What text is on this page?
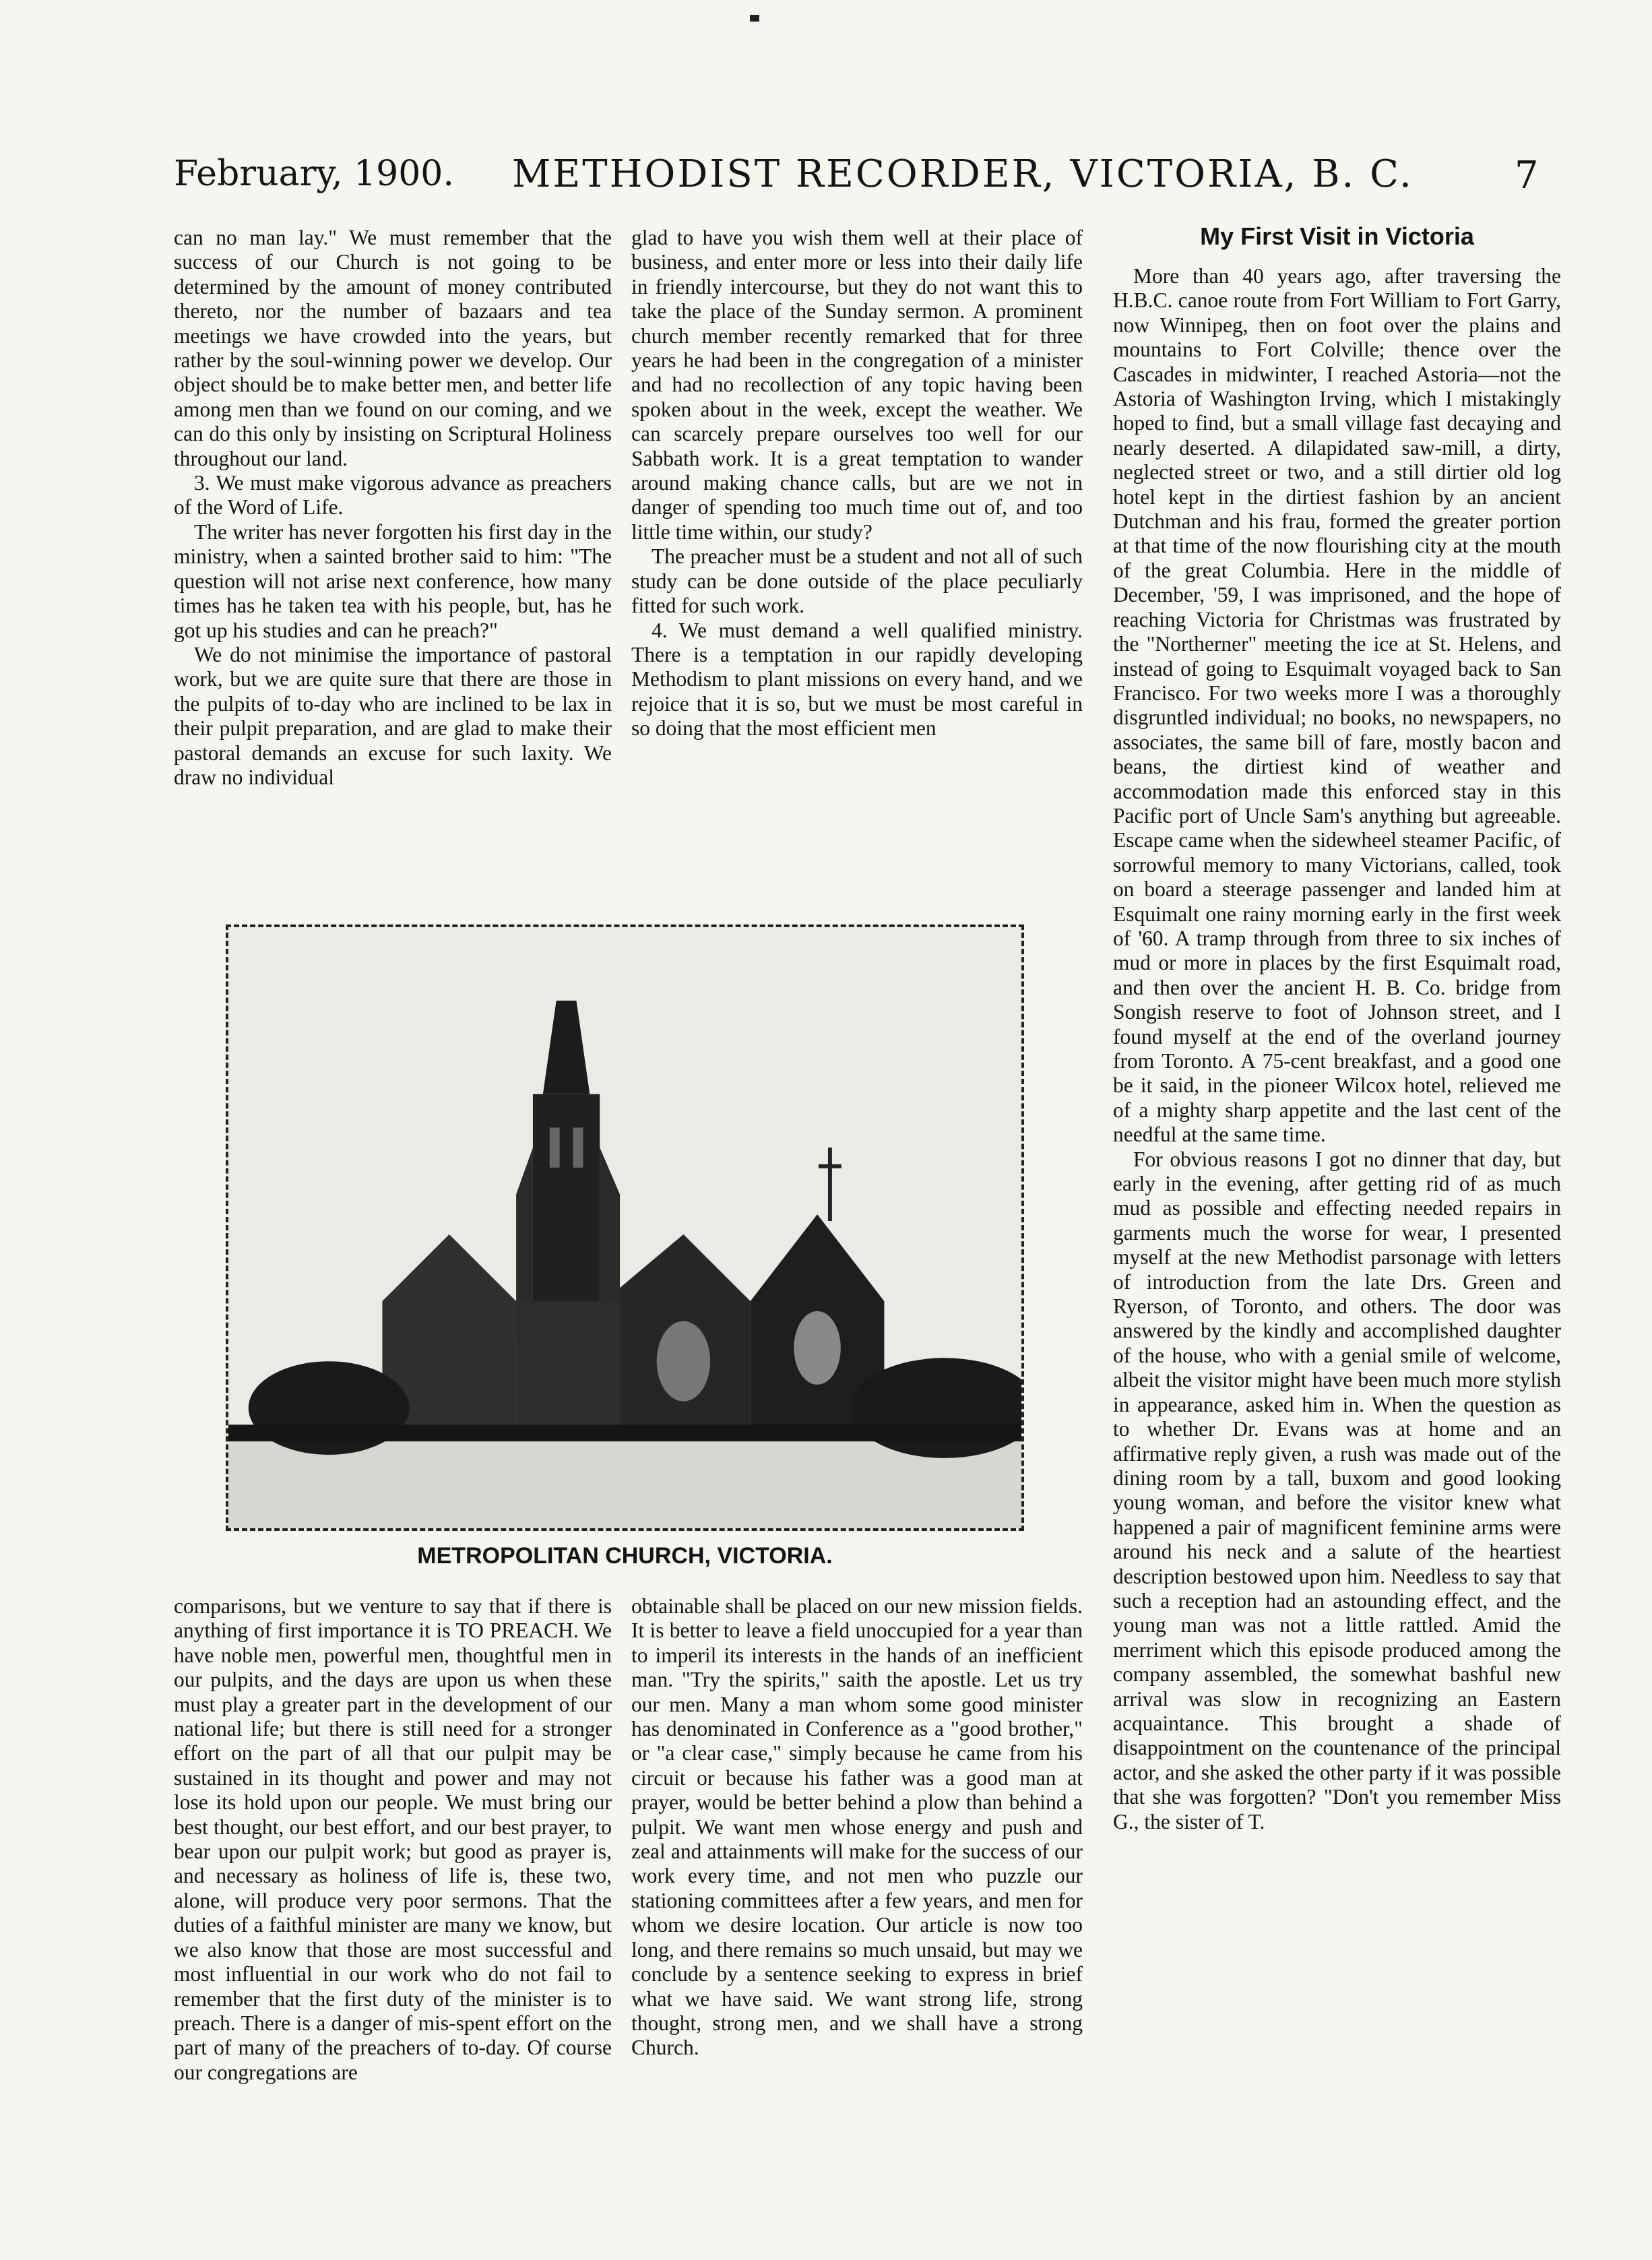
February, 1900. METHODIST RECORDER, VICTORIA, B. C.	7

can no man lay." We must remember that the success of our Church is not going to be determined by the amount of money contributed thereto, nor the number of bazaars and tea meetings we have crowded into the years, but rather by the soul-winning power we develop. Our object should be to make better men, and better life among men than we found on our coming, and we can do this only by insisting on Scriptural Holiness throughout our land.

3. We must make vigorous advance as preachers of the Word of Life.

The writer has never forgotten his first day in the ministry, when a sainted brother said to him: "The question will not arise next conference, how many times has he taken tea with his people, but, has he got up his studies and can he preach?"

We do not minimise the importance of pastoral work, but we are quite sure that there are those in the pulpits of to-day who are inclined to be lax in their pulpit preparation, and are glad to make their pastoral demands an excuse for such laxity. We draw no individual

glad to have you wish them well at their place of business, and enter more or less into their daily life in friendly intercourse, but they do not want this to take the place of the Sunday sermon. A prominent church member recently remarked that for three years he had been in the congregation of a minister and had no recollection of any topic having been spoken about in the week, except the weather. We can scarcely prepare ourselves too well for our Sabbath work. It is a great temptation to wander around making chance calls, but are we not in danger of spending too much time out of, and too little time within, our study?

The preacher must be a student and not all of such study can be done outside of the place peculiarly fitted for such work.

4. We must demand a well qualified ministry. There is a temptation in our rapidly developing Methodism to plant missions on every hand, and we rejoice that it is so, but we must be most careful in so doing that the most efficient men

My First Visit in Victoria

More than 40 years ago, after traversing the H.B.C. canoe route from Fort William to Fort Garry, now Winnipeg, then on foot over the plains and mountains to Fort Colville; thence over the Cascades in midwinter, I reached Astoria—not the Astoria of Washington Irving, which I mistakingly hoped to find, but a small village fast decaying and nearly deserted. A dilapidated saw-mill, a dirty, neglected street or two, and a still dirtier old log hotel kept in the dirtiest fashion by an ancient Dutchman and his frau, formed the greater portion at that time of the now flourishing city at the mouth of the great Columbia. Here in the middle of December, '59, I was imprisoned, and the hope of reaching Victoria for Christmas was frustrated by the "Northerner" meeting the ice at St. Helens, and instead of going to Esquimalt voyaged back to San Francisco. For two weeks more I was a thoroughly disgruntled individual; no books, no newspapers, no associates, the same bill of fare, mostly bacon and beans, the dirtiest kind of weather and accommodation made this enforced stay in this Pacific port of Uncle Sam's anything but agreeable. Escape came when the sidewheel steamer Pacific, of sorrowful memory to many Victorians, called, took on board a steerage passenger and landed him at Esquimalt one rainy morning early in the first week of '60. A tramp through from three to six inches of mud or more in places by the first Esquimalt road, and then over the ancient H. B. Co. bridge from Songish reserve to foot of Johnson street, and I found myself at the end of the overland journey from Toronto. A 75-cent breakfast, and a good one be it said, in the pioneer Wilcox hotel, relieved me of a mighty sharp appetite and the last cent of the needful at the same time.

For obvious reasons I got no dinner that day, but early in the evening, after getting rid of as much mud as possible and effecting needed repairs in garments much the worse for wear, I presented myself at the new Methodist parsonage with letters of introduction from the late Drs. Green and Ryerson, of Toronto, and others. The door was answered by the kindly and accomplished daughter of the house, who with a genial smile of welcome, albeit the visitor might have been much more stylish in appearance, asked him in. When the question as to whether Dr. Evans was at home and an affirmative reply given, a rush was made out of the dining room by a tall, buxom and good looking young woman, and before the visitor knew what happened a pair of magnificent feminine arms were around his neck and a salute of the heartiest description bestowed upon him. Needless to say that such a reception had an astounding effect, and the young man was not a little rattled. Amid the merriment which this episode produced among the company assembled, the somewhat bashful new arrival was slow in recognizing an Eastern acquaintance. This brought a shade of disappointment on the countenance of the principal actor, and she asked the other party if it was possible that she was forgotten? "Don't you remember Miss G., the sister of T.

METROPOLITAN CHURCH, VICTORIA.

comparisons, but we venture to say that if there is anything of first importance it is TO PREACH. We have noble men, powerful men, thoughtful men in our pulpits, and the days are upon us when these must play a greater part in the development of our national life; but there is still need for a stronger effort on the part of all that our pulpit may be sustained in its thought and power and may not lose its hold upon our people. We must bring our best thought, our best effort, and our best prayer, to bear upon our pulpit work; but good as prayer is, and necessary as holiness of life is, these two, alone, will produce very poor sermons. That the duties of a faithful minister are many we know, but we also know that those are most successful and most influential in our work who do not fail to remember that the first duty of the minister is to preach. There is a danger of mis-spent effort on the part of many of the preachers of to-day. Of course our congregations are

obtainable shall be placed on our new mission fields. It is better to leave a field unoccupied for a year than to imperil its interests in the hands of an inefficient man. "Try the spirits," saith the apostle. Let us try our men. Many a man whom some good minister has denominated in Conference as a "good brother," or "a clear case," simply because he came from his circuit or because his father was a good man at prayer, would be better behind a plow than behind a pulpit. We want men whose energy and push and zeal and attainments will make for the success of our work every time, and not men who puzzle our stationing committees after a few years, and men for whom we desire location. Our article is now too long, and there remains so much unsaid, but may we conclude by a sentence seeking to express in brief what we have said. We want strong life, strong thought, strong men, and we shall have a strong Church.
